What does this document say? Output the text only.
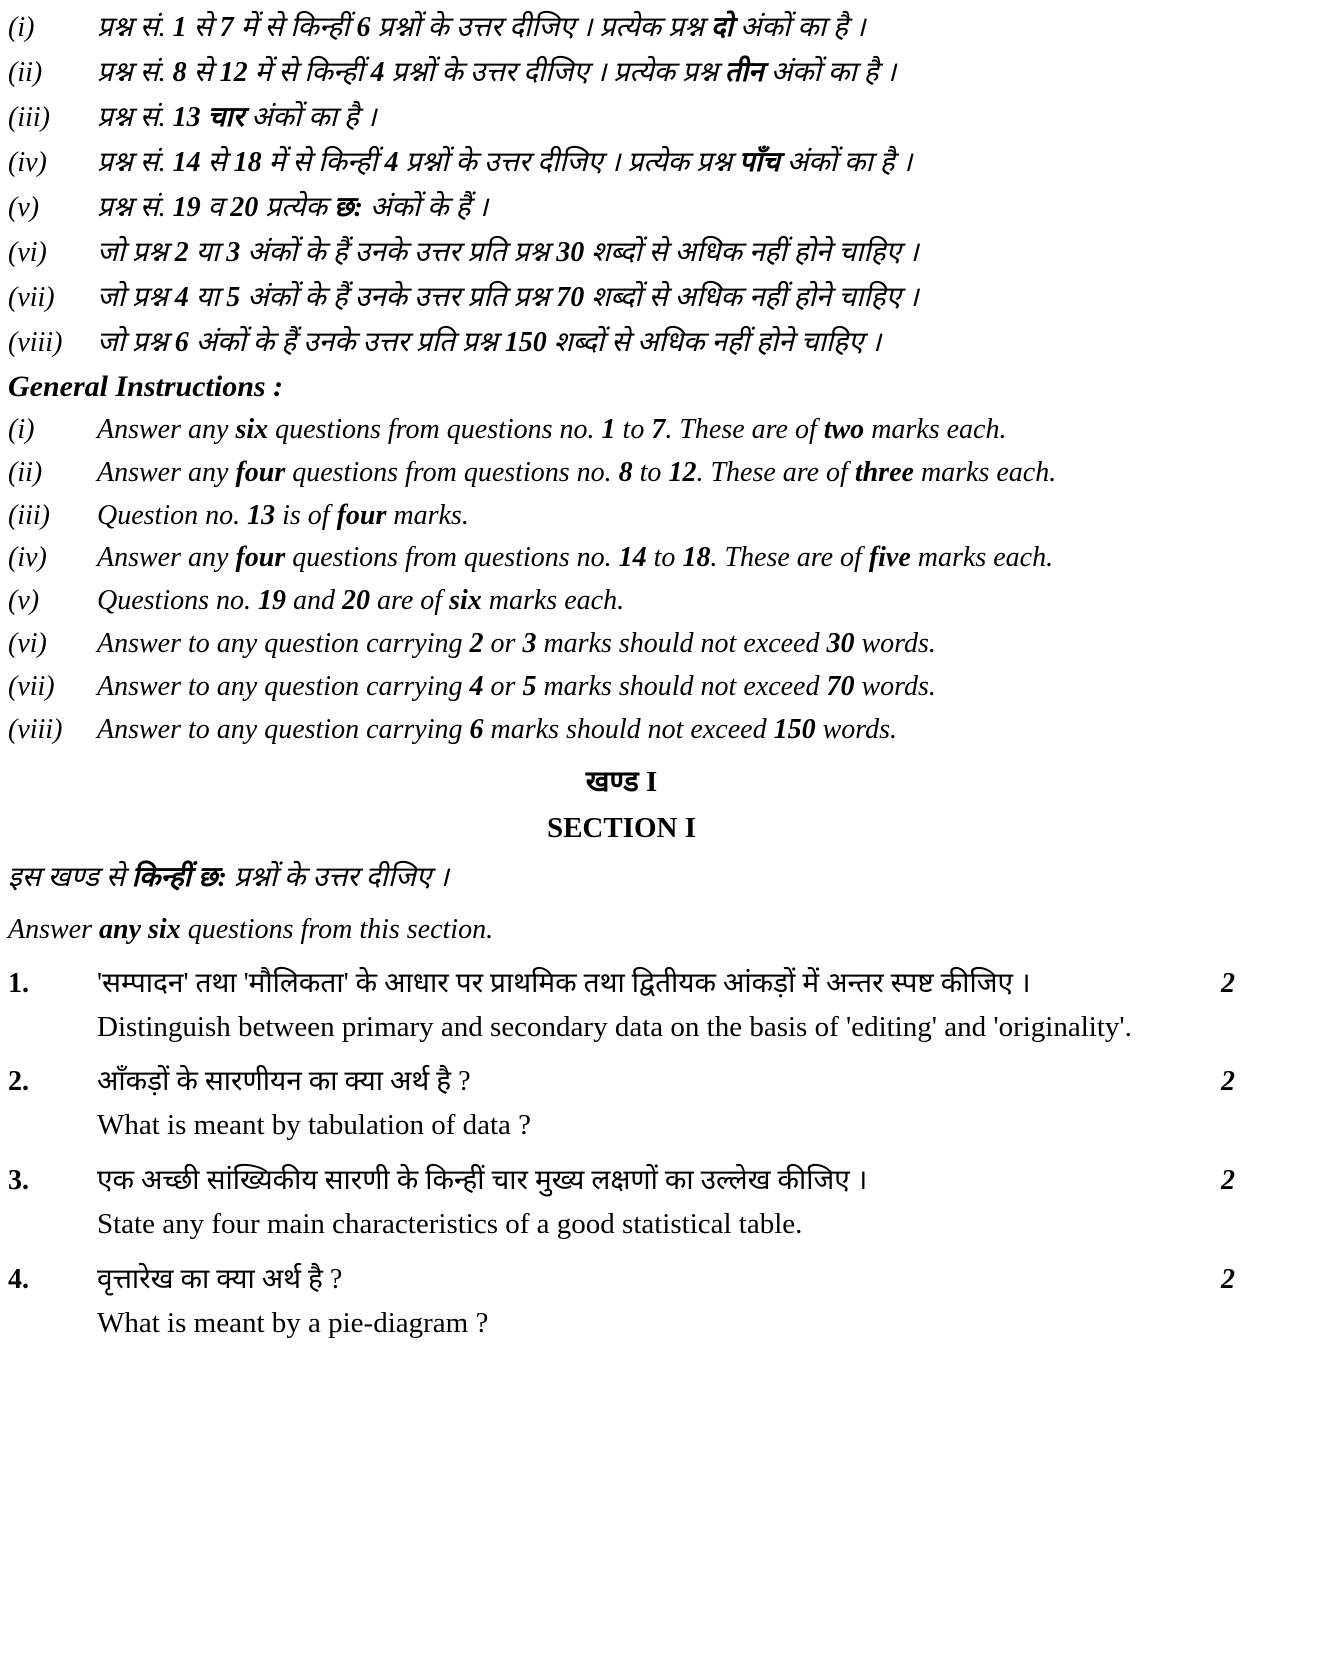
(i)	प्रश्न सं. 1 से 7 में से किन्हीं 6 प्रश्नों के उत्तर दीजिए । प्रत्येक प्रश्न दो अंकों का है ।
(ii)	प्रश्न सं. 8 से 12 में से किन्हीं 4 प्रश्नों के उत्तर दीजिए । प्रत्येक प्रश्न तीन अंकों का है ।
(iii)	प्रश्न सं. 13 चार अंकों का है ।
(iv)	प्रश्न सं. 14 से 18 में से किन्हीं 4 प्रश्नों के उत्तर दीजिए । प्रत्येक प्रश्न पाँच अंकों का है ।
(v)	प्रश्न सं. 19 व 20 प्रत्येक छ: अंकों के हैं ।
(vi)	जो प्रश्न 2 या 3 अंकों के हैं उनके उत्तर प्रति प्रश्न 30 शब्दों से अधिक नहीं होने चाहिए ।
(vii)	जो प्रश्न 4 या 5 अंकों के हैं उनके उत्तर प्रति प्रश्न 70 शब्दों से अधिक नहीं होने चाहिए ।
(viii)	जो प्रश्न 6 अंकों के हैं उनके उत्तर प्रति प्रश्न 150 शब्दों से अधिक नहीं होने चाहिए ।
General Instructions :
(i)	Answer any six questions from questions no. 1 to 7. These are of two marks each.
(ii)	Answer any four questions from questions no. 8 to 12. These are of three marks each.
(iii)	Question no. 13 is of four marks.
(iv)	Answer any four questions from questions no. 14 to 18. These are of five marks each.
(v)	Questions no. 19 and 20 are of six marks each.
(vi)	Answer to any question carrying 2 or 3 marks should not exceed 30 words.
(vii)	Answer to any question carrying 4 or 5 marks should not exceed 70 words.
(viii)	Answer to any question carrying 6 marks should not exceed 150 words.
खण्ड I
SECTION I
इस खण्ड से किन्हीं छ: प्रश्नों के उत्तर दीजिए ।
Answer any six questions from this section.
1.	'सम्पादन' तथा 'मौलिकता' के आधार पर प्राथमिक तथा द्वितीयक आंकड़ों में अन्तर स्पष्ट कीजिए ।	2
Distinguish between primary and secondary data on the basis of 'editing' and 'originality'.
2.	आँकड़ों के सारणीयन का क्या अर्थ है ?	2
What is meant by tabulation of data ?
3.	एक अच्छी सांख्यिकीय सारणी के किन्हीं चार मुख्य लक्षणों का उल्लेख कीजिए ।	2
State any four main characteristics of a good statistical table.
4.	वृत्तारेख का क्या अर्थ है ?	2
What is meant by a pie-diagram ?
